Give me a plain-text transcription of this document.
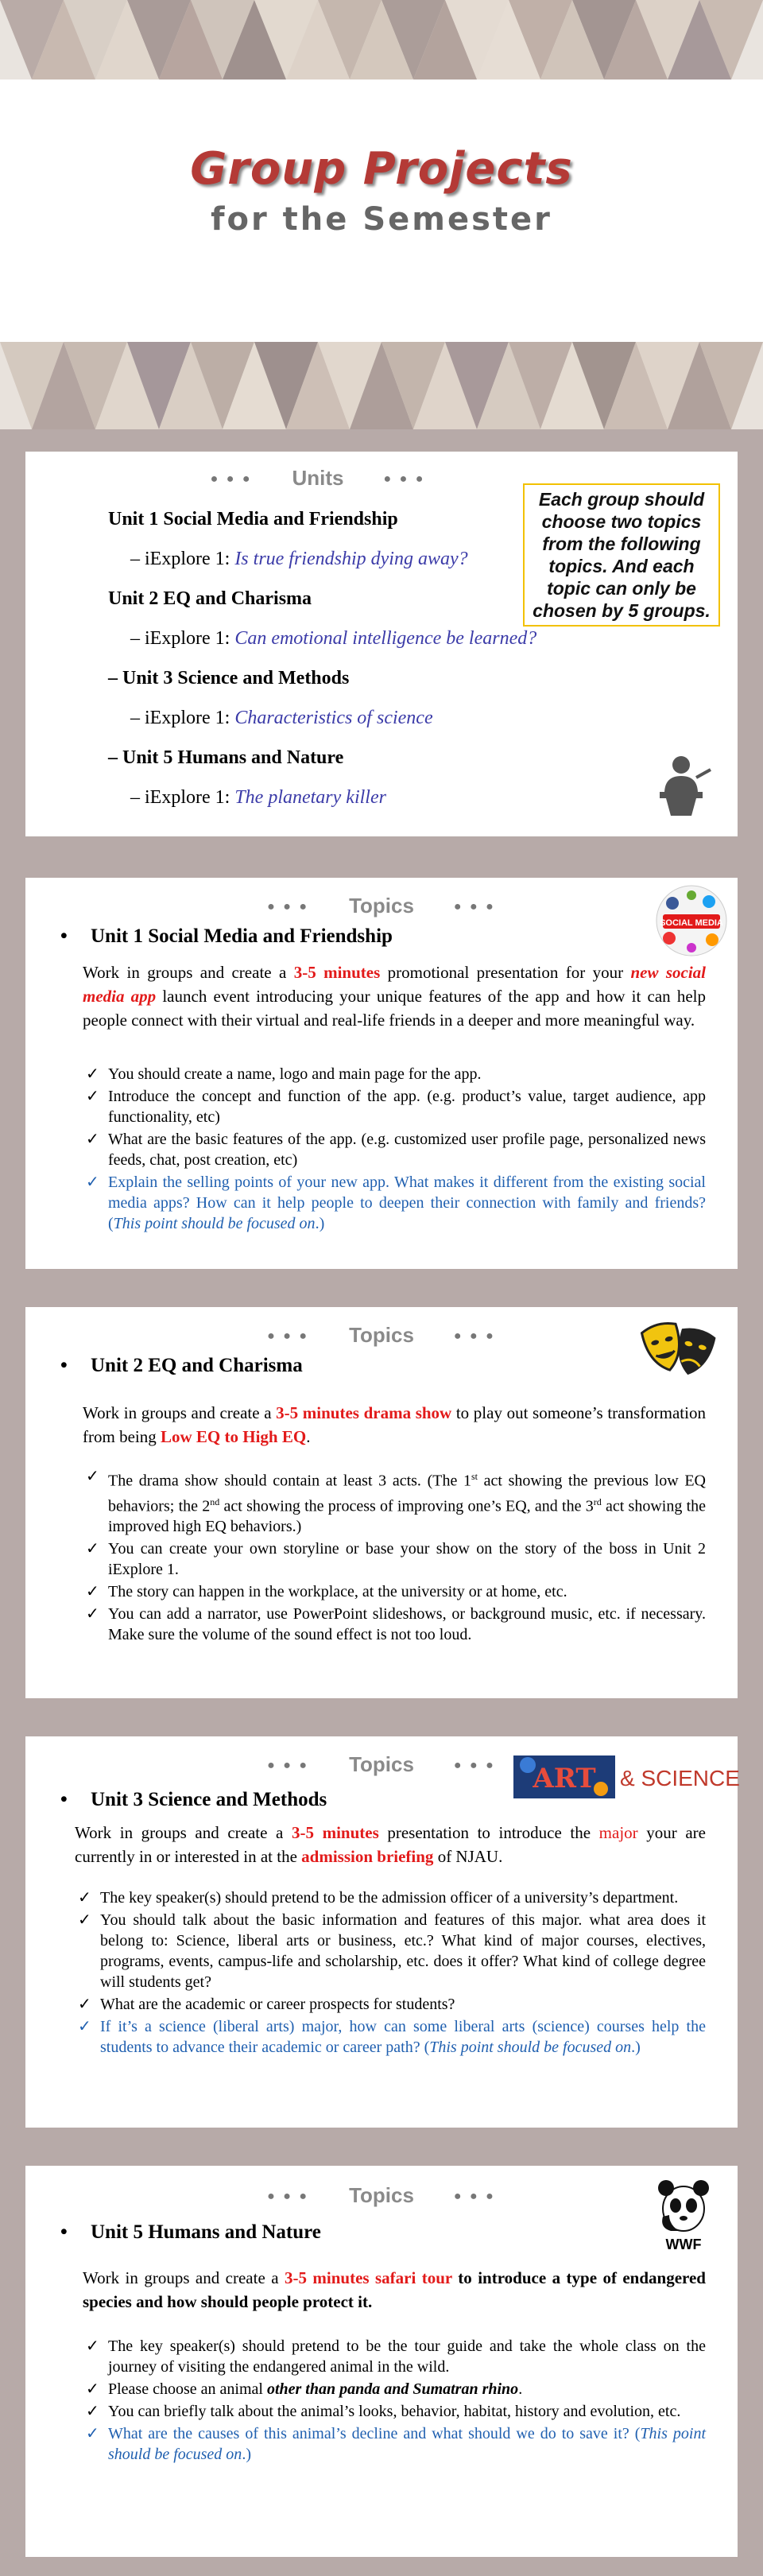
Group Projects
for the Semester
● ● ● Units	● ● ●
Each group should choose two topics from the following topics. And each topic can only be chosen by 5 groups.
Unit 1 Social Media and Friendship
– iExplore 1: Is true friendship dying away?
Unit 2 EQ and Charisma
– iExplore 1: Can emotional intelligence be learned?
– Unit 3 Science and Methods
– iExplore 1: Characteristics of science
– Unit 5 Humans and Nature
– iExplore 1: The planetary killer
● ● ● Topics	● ● ●
SOCIAL MEDIA
• Unit 1 Social Media and Friendship
Work in groups and create a 3-5 minutes promotional presentation for your new social media app launch event introducing your unique features of the app and how it can help people connect with their virtual and real-life friends in a deeper and more meaningful way.
✓ You should create a name, logo and main page for the app.
✓ Introduce the concept and function of the app. (e.g. product’s value, target audience, app functionality, etc)
✓ What are the basic features of the app. (e.g. customized user profile page, personalized news feeds, chat, post creation, etc)
✓ Explain the selling points of your new app. What makes it different from the existing social media apps? How can it help people to deepen their connection with family and friends? (This point should be focused on.)
● ● ● Topics	● ● ●
• Unit 2 EQ and Charisma
Work in groups and create a 3-5 minutes drama show to play out someone’s transformation from being Low EQ to High EQ.
✓ The drama show should contain at least 3 acts. (The 1st act showing the previous low EQ behaviors; the 2nd act showing the process of improving one’s EQ, and the 3rd act showing the improved high EQ behaviors.)
✓ You can create your own storyline or base your show on the story of the boss in Unit 2 iExplore 1.
✓ The story can happen in the workplace, at the university or at home, etc.
✓ You can add a narrator, use PowerPoint slideshows, or background music, etc. if necessary. Make sure the volume of the sound effect is not too loud.
● ● ● Topics	● ● ●	ART & SCIENCE
• Unit 3 Science and Methods
Work in groups and create a 3-5 minutes presentation to introduce the major your are currently in or interested in at the admission briefing of NJAU.
✓ The key speaker(s) should pretend to be the admission officer of a university’s department.
✓ You should talk about the basic information and features of this major. what area does it belong to: Science, liberal arts or business, etc.? What kind of major courses, electives, programs, events, campus-life and scholarship, etc. does it offer? What kind of college degree will students get?
✓ What are the academic or career prospects for students?
✓ If it’s a science (liberal arts) major, how can some liberal arts (science) courses help the students to advance their academic or career path? (This point should be focused on.)
● ● ● Topics	● ● ●
WWF
• Unit 5 Humans and Nature
Work in groups and create a 3-5 minutes safari tour to introduce a type of endangered species and how should people protect it.
✓ The key speaker(s) should pretend to be the tour guide and take the whole class on the journey of visiting the endangered animal in the wild.
✓ Please choose an animal other than panda and Sumatran rhino.
✓ You can briefly talk about the animal’s looks, behavior, habitat, history and evolution, etc.
✓ What are the causes of this animal’s decline and what should we do to save it? (This point should be focused on.)
